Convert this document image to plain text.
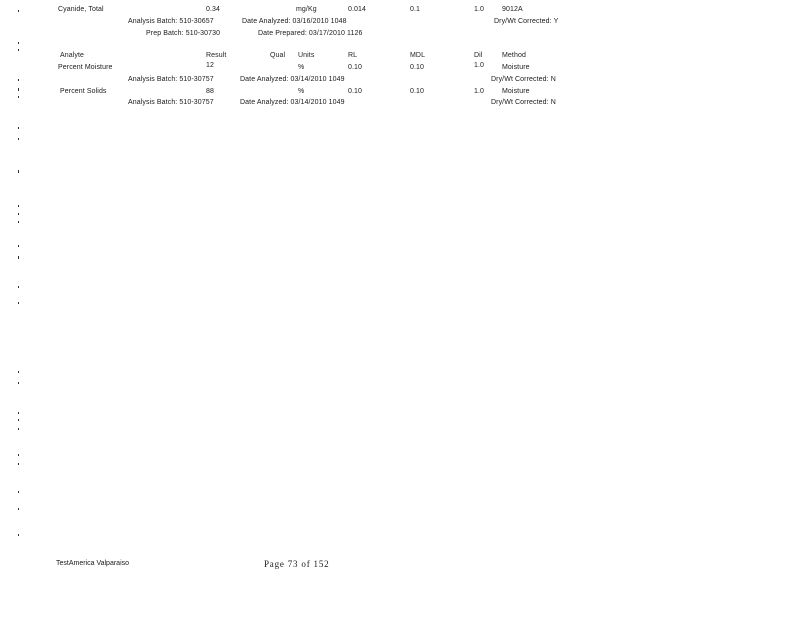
Cyanide, Total	0.34	mg/Kg	0.014	0.1	1.0	9012A
Analysis Batch: 510-30657	Date Analyzed: 03/16/2010 1048	Dry/Wt Corrected: Y
Prep Batch: 510-30730	Date Prepared: 03/17/2010 1126
Analyte	Result	Qual Units	RL	MDL	Dil	Method
Percent Moisture	12	%	0.10	0.10	1.0	Moisture
Analysis Batch: 510-30757	Date Analyzed: 03/14/2010 1049	Dry/Wt Corrected: N
Percent Solids	88	%	0.10	0.10	1.0	Moisture
Analysis Batch: 510-30757	Date Analyzed: 03/14/2010 1049	Dry/Wt Corrected: N
TestAmerica Valparaiso	Page 73 of 152
